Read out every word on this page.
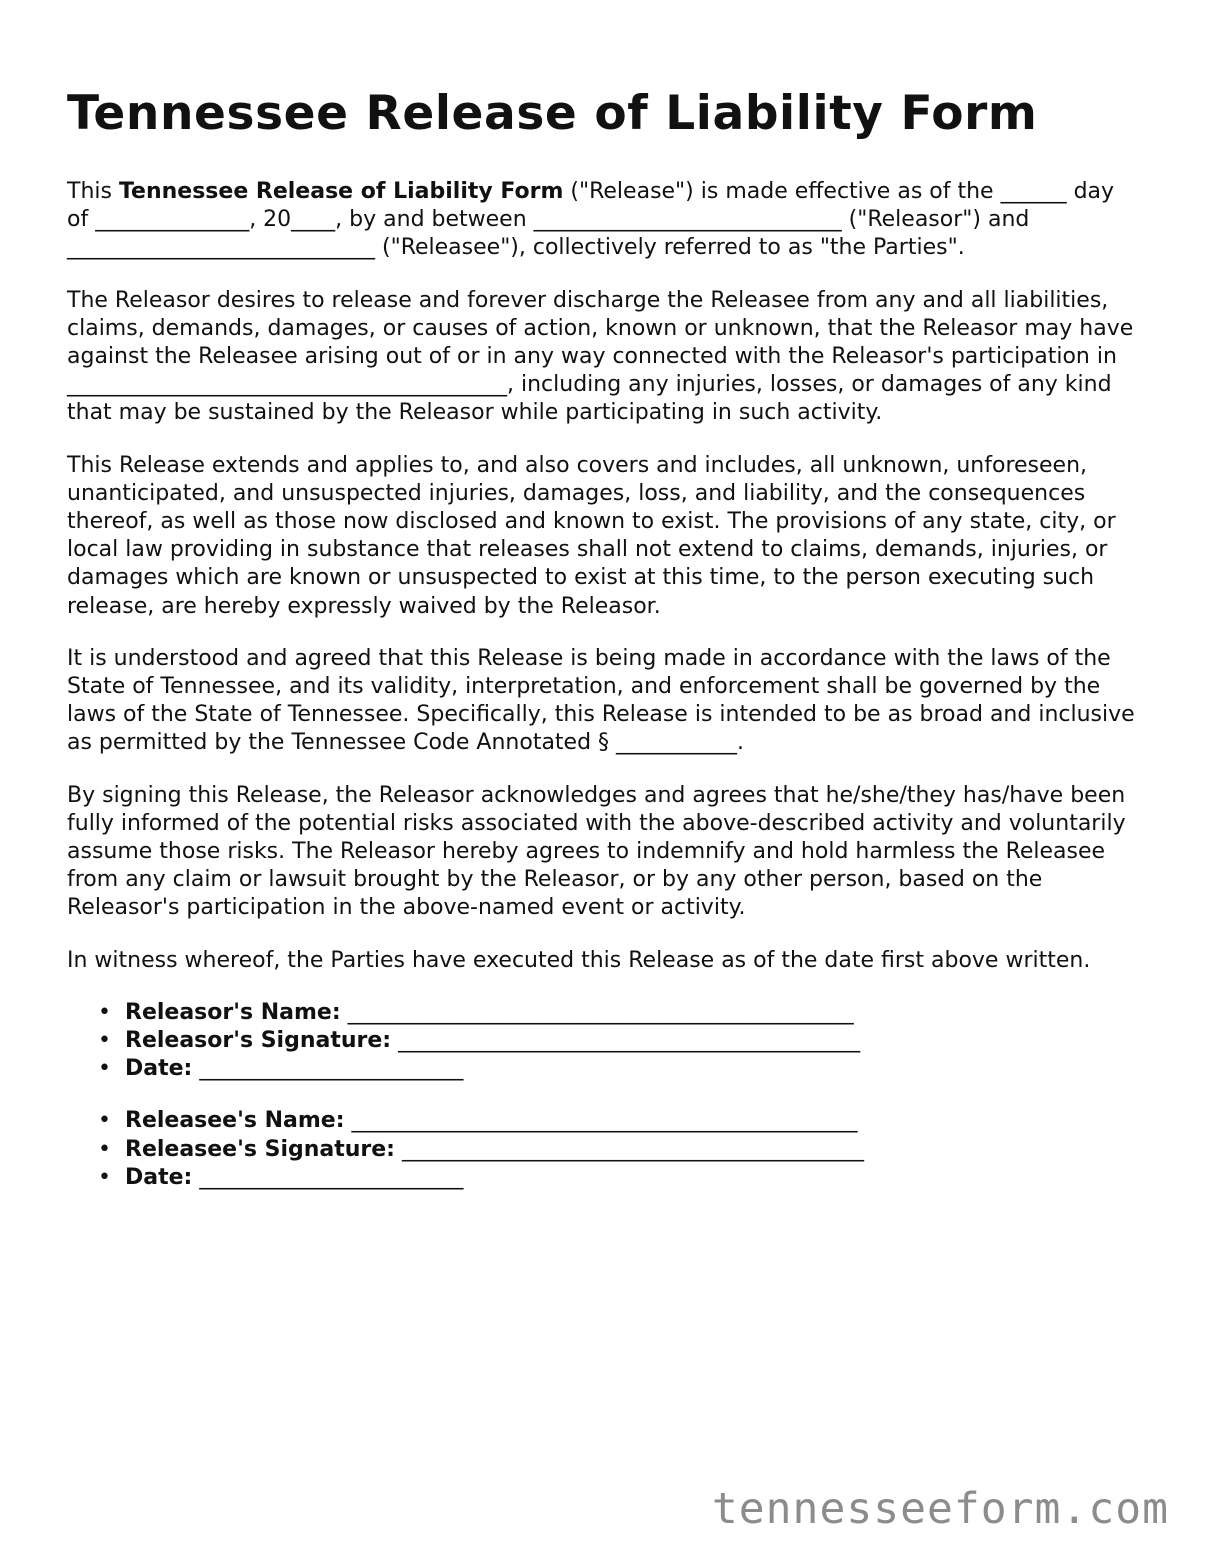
Tennessee Release of Liability Form

This Tennessee Release of Liability Form ("Release") is made effective as of the ______ day of ______________, 20____, by and between ____________________________ ("Releasor") and ____________________________ ("Releasee"), collectively referred to as "the Parties".

The Releasor desires to release and forever discharge the Releasee from any and all liabilities, claims, demands, damages, or causes of action, known or unknown, that the Releasor may have against the Releasee arising out of or in any way connected with the Releasor's participation in ________________________________________, including any injuries, losses, or damages of any kind that may be sustained by the Releasor while participating in such activity.

This Release extends and applies to, and also covers and includes, all unknown, unforeseen, unanticipated, and unsuspected injuries, damages, loss, and liability, and the consequences thereof, as well as those now disclosed and known to exist. The provisions of any state, city, or local law providing in substance that releases shall not extend to claims, demands, injuries, or damages which are known or unsuspected to exist at this time, to the person executing such release, are hereby expressly waived by the Releasor.

It is understood and agreed that this Release is being made in accordance with the laws of the State of Tennessee, and its validity, interpretation, and enforcement shall be governed by the laws of the State of Tennessee. Specifically, this Release is intended to be as broad and inclusive as permitted by the Tennessee Code Annotated § ___________.

By signing this Release, the Releasor acknowledges and agrees that he/she/they has/have been fully informed of the potential risks associated with the above-described activity and voluntarily assume those risks. The Releasor hereby agrees to indemnify and hold harmless the Releasee from any claim or lawsuit brought by the Releasor, or by any other person, based on the Releasor's participation in the above-named event or activity.

In witness whereof, the Parties have executed this Release as of the date first above written.

• Releasor's Name: ______________________________________________
• Releasor's Signature: __________________________________________
• Date: ________________________
• Releasee's Name: ______________________________________________
• Releasee's Signature: __________________________________________
• Date: ________________________
tennesseeform.com
